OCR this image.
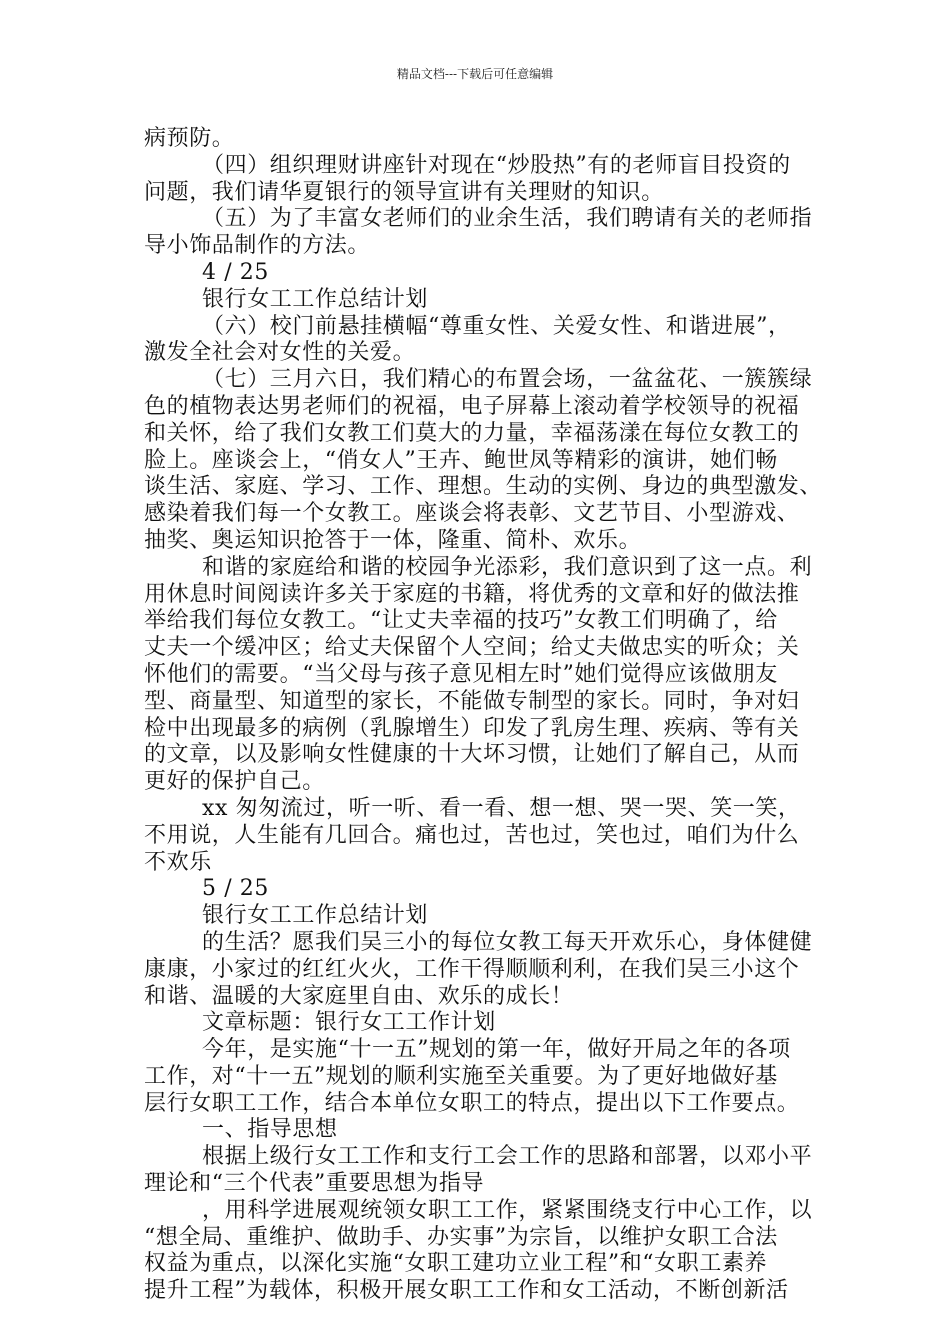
精品文档---下载后可任意编辑
病预防。
（四）组织理财讲座针对现在“炒股热”有的老师盲目投资的
问题，我们请华夏银行的领导宣讲有关理财的知识。
（五）为了丰富女老师们的业余生活，我们聘请有关的老师指
导小饰品制作的方法。
4 / 25
银行女工工作总结计划
（六）校门前悬挂横幅“尊重女性、关爱女性、和谐进展”，
激发全社会对女性的关爱。
（七）三月六日，我们精心的布置会场，一盆盆花、一簇簇绿
色的植物表达男老师们的祝福，电子屏幕上滚动着学校领导的祝福
和关怀，给了我们女教工们莫大的力量，幸福荡漾在每位女教工的
脸上。座谈会上，“俏女人”王卉、鲍世凤等精彩的演讲，她们畅
谈生活、家庭、学习、工作、理想。生动的实例、身边的典型激发、
感染着我们每一个女教工。座谈会将表彰、文艺节目、小型游戏、
抽奖、奥运知识抢答于一体，隆重、简朴、欢乐。
和谐的家庭给和谐的校园争光添彩，我们意识到了这一点。利
用休息时间阅读许多关于家庭的书籍，将优秀的文章和好的做法推
举给我们每位女教工。“让丈夫幸福的技巧”女教工们明确了，给
丈夫一个缓冲区；给丈夫保留个人空间；给丈夫做忠实的听众；关
怀他们的需要。“当父母与孩子意见相左时”她们觉得应该做朋友
型、商量型、知道型的家长，不能做专制型的家长。同时，争对妇
检中出现最多的病例（乳腺增生）印发了乳房生理、疾病、等有关
的文章，以及影响女性健康的十大坏习惯，让她们了解自己，从而
更好的保护自己。
xx 匆匆流过，听一听、看一看、想一想、哭一哭、笑一笑，
不用说，人生能有几回合。痛也过，苦也过，笑也过，咱们为什么
不欢乐
5 / 25
银行女工工作总结计划
的生活？愿我们吴三小的每位女教工每天开欢乐心，身体健健
康康，小家过的红红火火，工作干得顺顺利利，在我们吴三小这个
和谐、温暖的大家庭里自由、欢乐的成长！
文章标题：银行女工工作计划
今年，是实施“十一五”规划的第一年，做好开局之年的各项
工作，对“十一五”规划的顺利实施至关重要。为了更好地做好基
层行女职工工作，结合本单位女职工的特点，提出以下工作要点。
一、指导思想
根据上级行女工工作和支行工会工作的思路和部署，以邓小平
理论和“三个代表”重要思想为指导
，用科学进展观统领女职工工作，紧紧围绕支行中心工作，以
“想全局、重维护、做助手、办实事”为宗旨，以维护女职工合法
权益为重点，以深化实施“女职工建功立业工程”和“女职工素养
提升工程”为载体，积极开展女职工工作和女工活动，不断创新活
